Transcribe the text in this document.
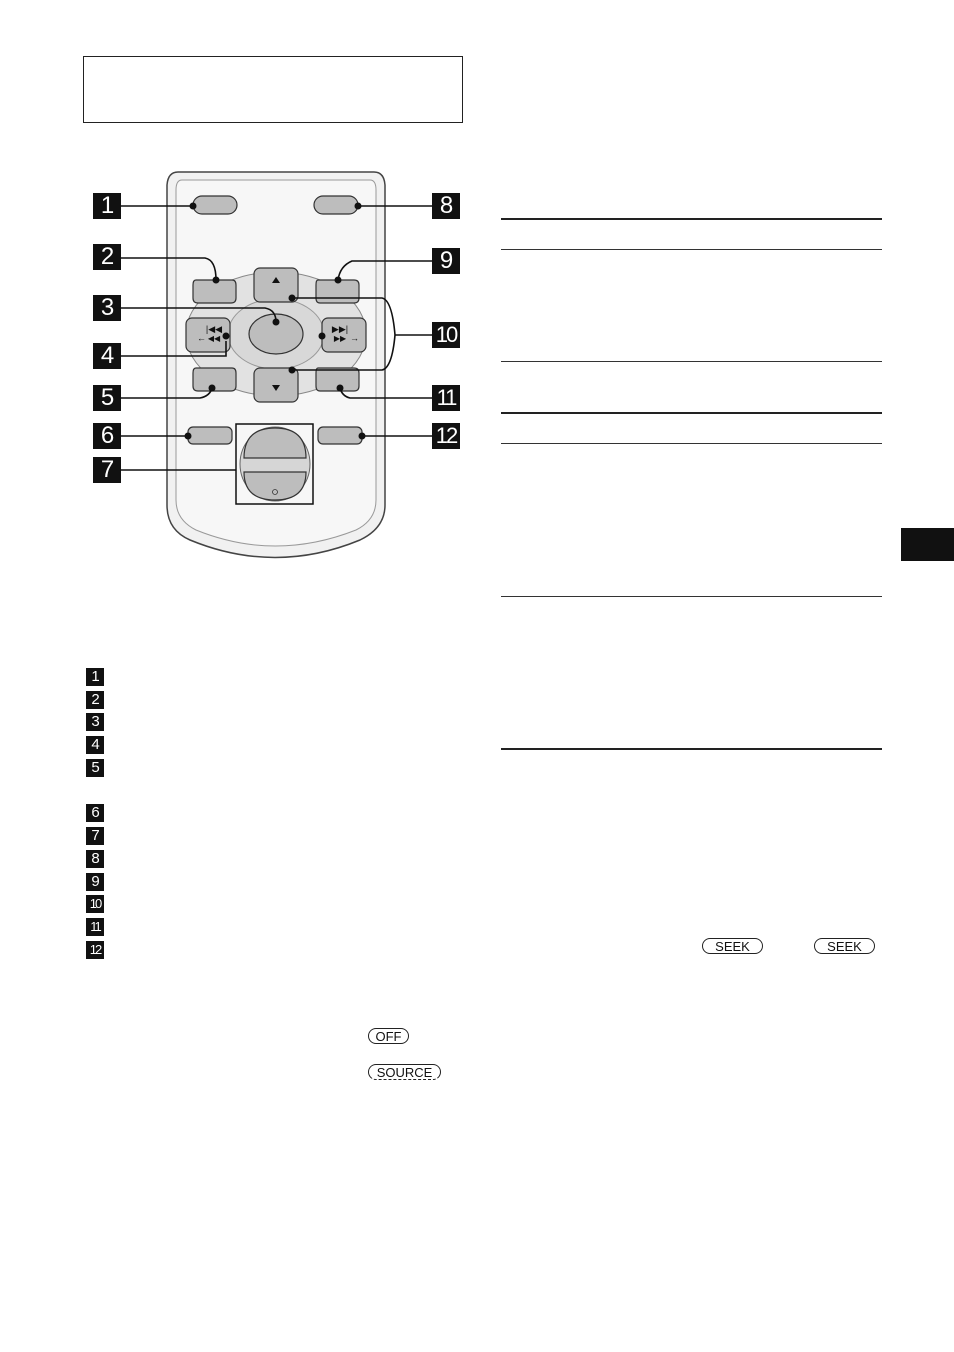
|◀◀
← ◀◀
▶▶|
▶▶ →
1
2
3
4
5
6
7
8
9
10
11
12
1
2
3
4
5
6
7
8
9
10
11
12
OFF
SOURCE
SEEK	SEEK
